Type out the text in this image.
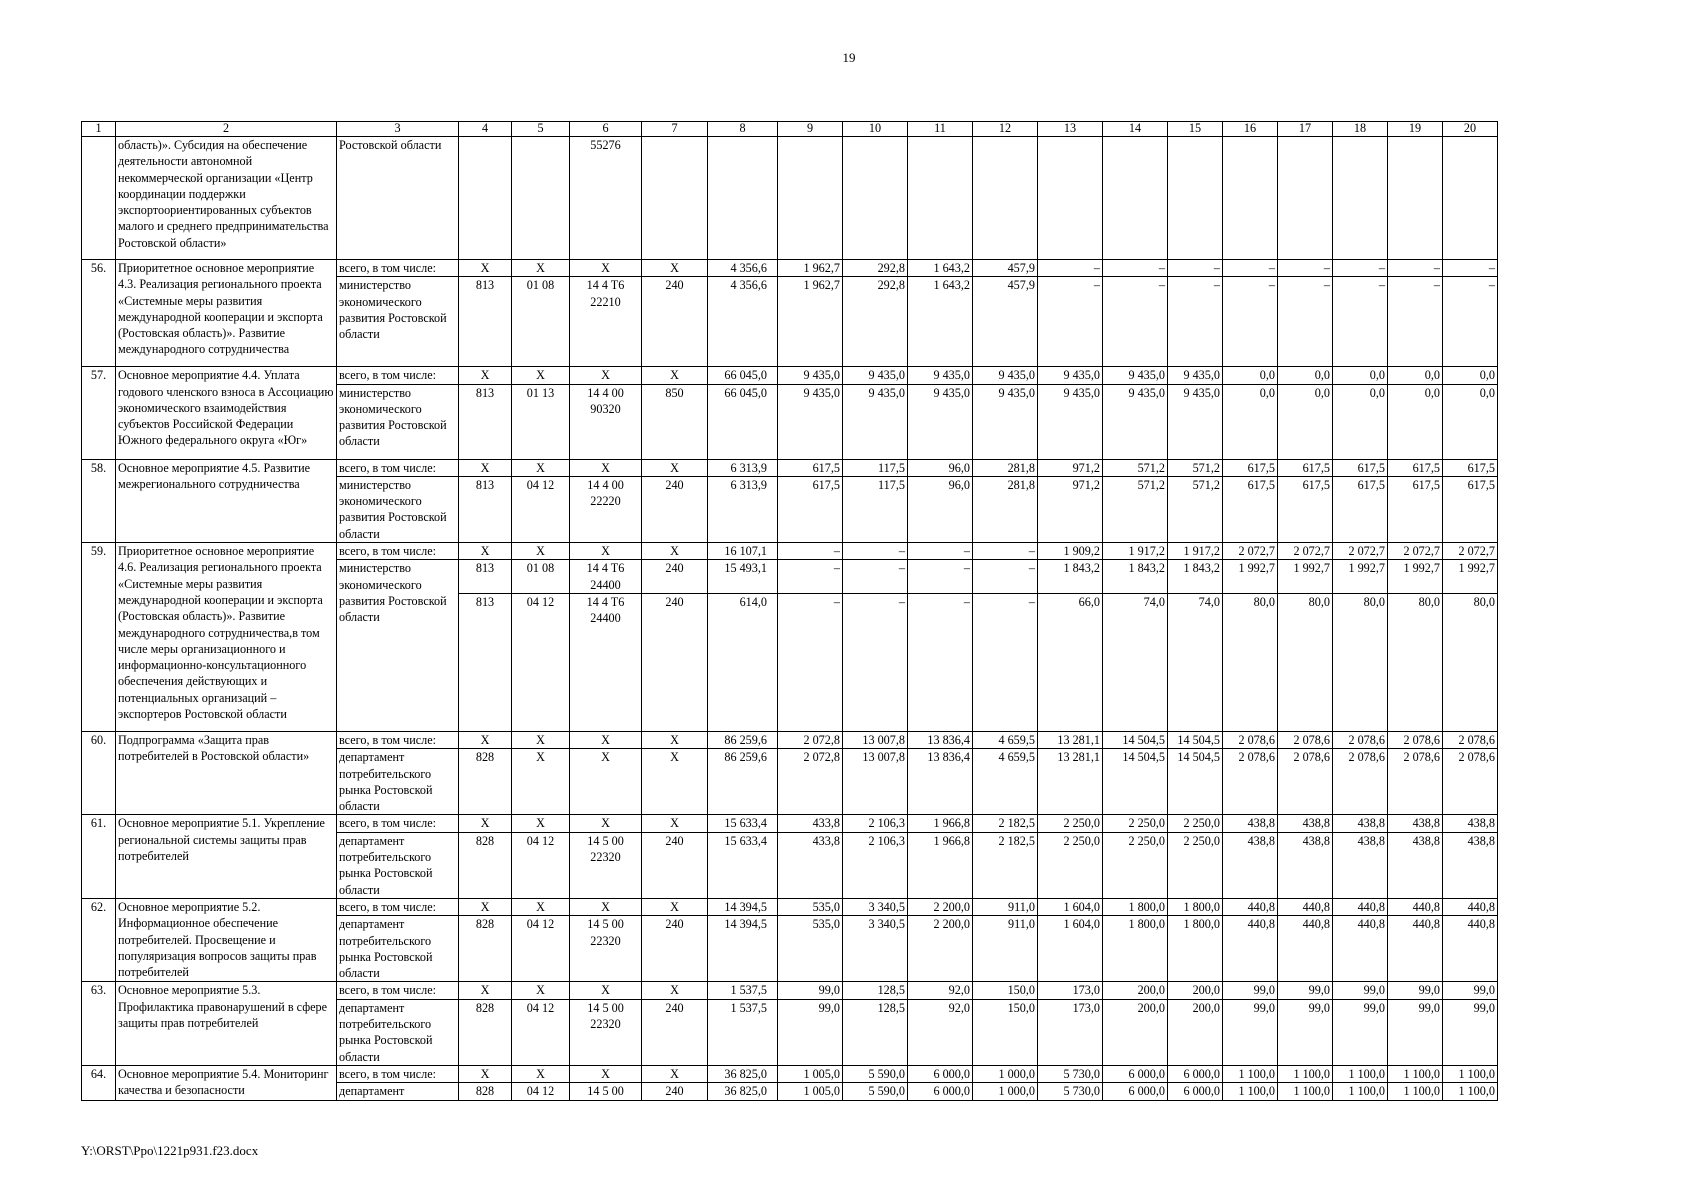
19
1	2	3	4	5	6	7	8	9	10	11	12	13	14	15	16	17	18	19	20
	область)». Субсидия на обеспечение деятельности автономной некоммерческой организации «Центр координации поддержки экспортоориентированных субъектов малого и среднего предпринимательства Ростовской области»	Ростовской области			55276														
56.	Приоритетное основное мероприятие 4.3. Реализация регионального проекта «Системные меры развития международной кооперации и экспорта (Ростовская область)». Развитие международного сотрудничества	всего, в том числе:	X	X	X	X	4 356,6	1 962,7	292,8	1 643,2	457,9	–	–	–	–	–	–	–	–
		министерство экономического развития Ростовской области	813	01 08	14 4 T6 22210	240	4 356,6	1 962,7	292,8	1 643,2	457,9	–	–	–	–	–	–	–	–
57.	Основное мероприятие 4.4. Уплата годового членского взноса в Ассоциацию экономического взаимодействия субъектов Российской Федерации Южного федерального округа «Юг»	всего, в том числе:	X	X	X	X	66 045,0	9 435,0	9 435,0	9 435,0	9 435,0	9 435,0	9 435,0	9 435,0	0,0	0,0	0,0	0,0	0,0
		министерство экономического развития Ростовской области	813	01 13	14 4 00 90320	850	66 045,0	9 435,0	9 435,0	9 435,0	9 435,0	9 435,0	9 435,0	9 435,0	0,0	0,0	0,0	0,0	0,0
58.	Основное мероприятие 4.5. Развитие межрегионального сотрудничества	всего, в том числе:	X	X	X	X	6 313,9	617,5	117,5	96,0	281,8	971,2	571,2	571,2	617,5	617,5	617,5	617,5	617,5
		министерство экономического развития Ростовской области	813	04 12	14 4 00 22220	240	6 313,9	617,5	117,5	96,0	281,8	971,2	571,2	571,2	617,5	617,5	617,5	617,5	617,5
59.	Приоритетное основное мероприятие 4.6. Реализация регионального проекта «Системные меры развития международной кооперации и экспорта (Ростовская область)». Развитие международного сотрудничества,в том числе меры организационного и информационно-консультационного обеспечения действующих и потенциальных организаций – экспортеров Ростовской области	всего, в том числе:	X	X	X	X	16 107,1	–	–	–	–	1 909,2	1 917,2	1 917,2	2 072,7	2 072,7	2 072,7	2 072,7	2 072,7
		министерство экономического развития Ростовской области	813	01 08	14 4 T6 24400	240	15 493,1	–	–	–	–	1 843,2	1 843,2	1 843,2	1 992,7	1 992,7	1 992,7	1 992,7	1 992,7
			813	04 12	14 4 T6 24400	240	614,0	–	–	–	–	66,0	74,0	74,0	80,0	80,0	80,0	80,0	80,0
60.	Подпрограмма «Защита прав потребителей в Ростовской области»	всего, в том числе:	X	X	X	X	86 259,6	2 072,8	13 007,8	13 836,4	4 659,5	13 281,1	14 504,5	14 504,5	2 078,6	2 078,6	2 078,6	2 078,6	2 078,6
		департамент потребительского рынка Ростовской области	828	X	X	X	86 259,6	2 072,8	13 007,8	13 836,4	4 659,5	13 281,1	14 504,5	14 504,5	2 078,6	2 078,6	2 078,6	2 078,6	2 078,6
61.	Основное мероприятие 5.1. Укрепление региональной системы защиты прав потребителей	всего, в том числе:	X	X	X	X	15 633,4	433,8	2 106,3	1 966,8	2 182,5	2 250,0	2 250,0	2 250,0	438,8	438,8	438,8	438,8	438,8
		департамент потребительского рынка Ростовской области	828	04 12	14 5 00 22320	240	15 633,4	433,8	2 106,3	1 966,8	2 182,5	2 250,0	2 250,0	2 250,0	438,8	438,8	438,8	438,8	438,8
62.	Основное мероприятие 5.2. Информационное обеспечение потребителей. Просвещение и популяризация вопросов защиты прав потребителей	всего, в том числе:	X	X	X	X	14 394,5	535,0	3 340,5	2 200,0	911,0	1 604,0	1 800,0	1 800,0	440,8	440,8	440,8	440,8	440,8
		департамент потребительского рынка Ростовской области	828	04 12	14 5 00 22320	240	14 394,5	535,0	3 340,5	2 200,0	911,0	1 604,0	1 800,0	1 800,0	440,8	440,8	440,8	440,8	440,8
63.	Основное мероприятие 5.3. Профилактика правонарушений в сфере защиты прав потребителей	всего, в том числе:	X	X	X	X	1 537,5	99,0	128,5	92,0	150,0	173,0	200,0	200,0	99,0	99,0	99,0	99,0	99,0
		департамент потребительского рынка Ростовской области	828	04 12	14 5 00 22320	240	1 537,5	99,0	128,5	92,0	150,0	173,0	200,0	200,0	99,0	99,0	99,0	99,0	99,0
64.	Основное мероприятие 5.4. Мониторинг качества и безопасности	всего, в том числе:	X	X	X	X	36 825,0	1 005,0	5 590,0	6 000,0	1 000,0	5 730,0	6 000,0	6 000,0	1 100,0	1 100,0	1 100,0	1 100,0	1 100,0
		департамент	828	04 12	14 5 00	240	36 825,0	1 005,0	5 590,0	6 000,0	1 000,0	5 730,0	6 000,0	6 000,0	1 100,0	1 100,0	1 100,0	1 100,0	1 100,0
Y:\ORST\Ppo\1221p931.f23.docx
